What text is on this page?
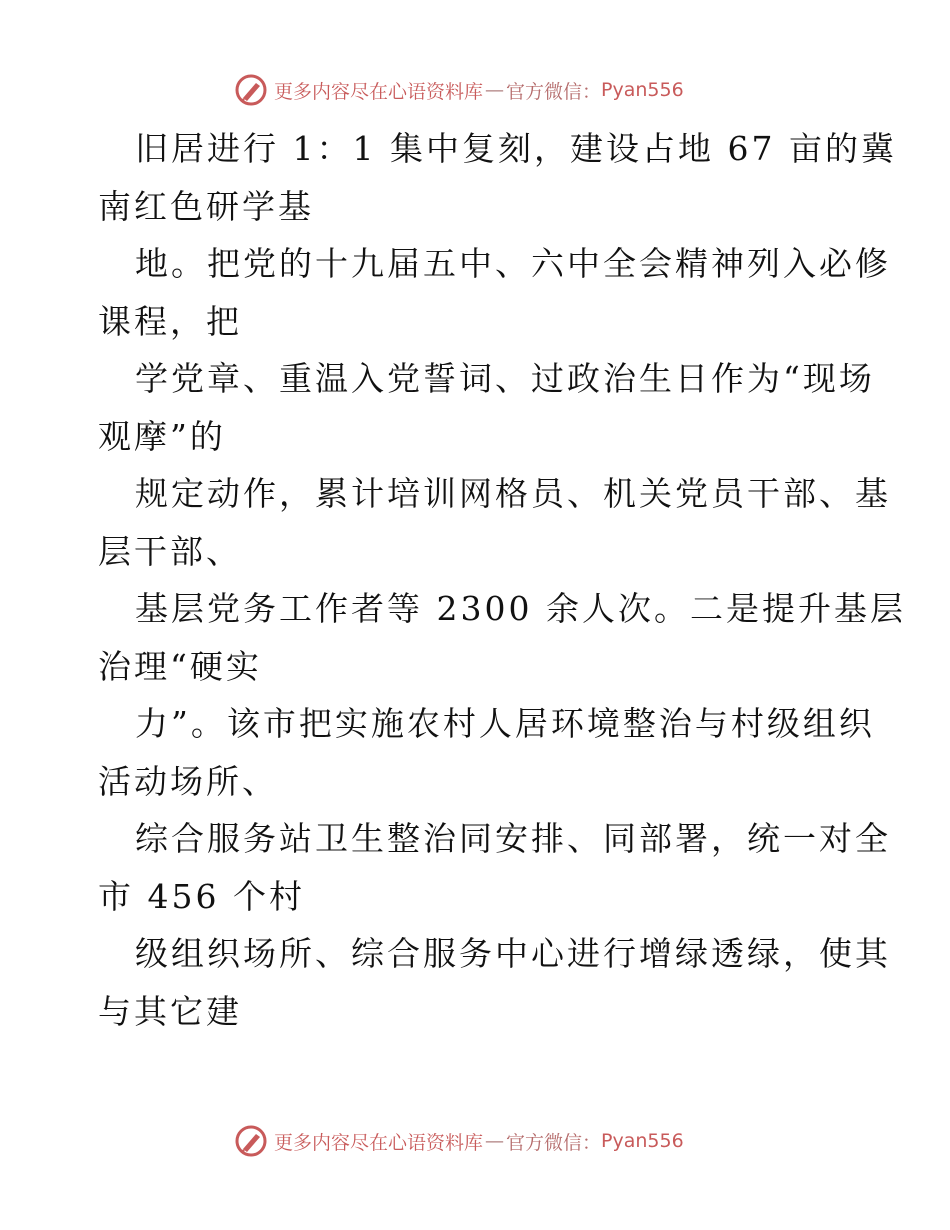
更多内容尽在心语资料库 — 官方微信： Pyan556
旧居进行 1：1 集中复刻，建设占地 67 亩的冀
南红色研学基
地。把党的十九届五中、六中全会精神列入必修
课程，把
学党章、重温入党誓词、过政治生日作为“现场
观摩”的
规定动作，累计培训网格员、机关党员干部、基
层干部、
基层党务工作者等 2300 余人次。二是提升基层
治理“硬实
力”。该市把实施农村人居环境整治与村级组织
活动场所、
综合服务站卫生整治同安排、同部署，统一对全
市 456 个村
级组织场所、综合服务中心进行增绿透绿，使其
与其它建
更多内容尽在心语资料库 — 官方微信： Pyan556
